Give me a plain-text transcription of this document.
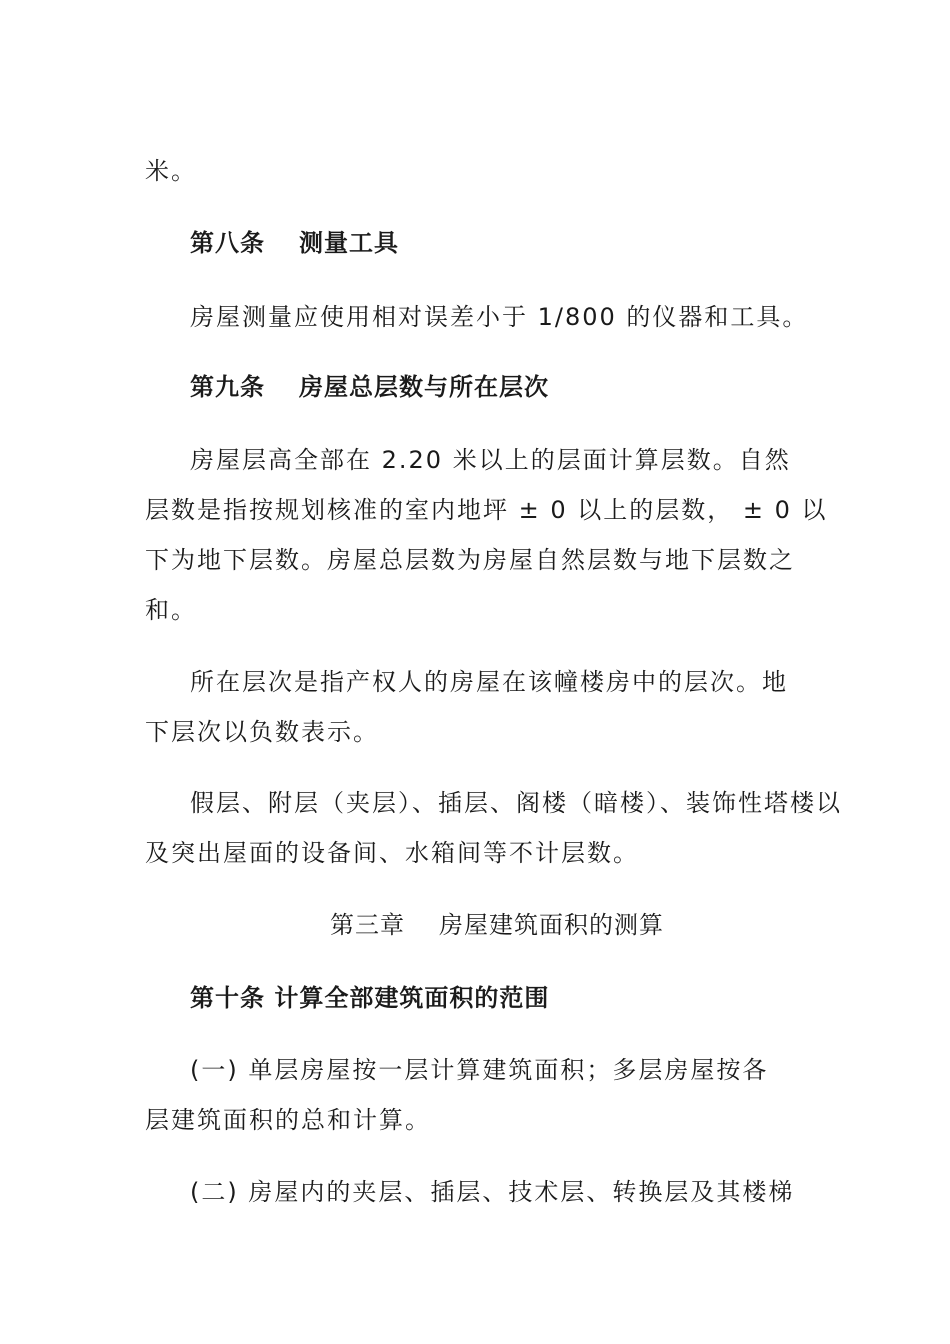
米。
第八条 测量工具
房屋测量应使用相对误差小于 1/800 的仪器和工具。
第九条 房屋总层数与所在层次
房屋层高全部在 2.20 米以上的层面计算层数。自然
层数是指按规划核准的室内地坪 ± 0 以上的层数， ± 0 以
下为地下层数。房屋总层数为房屋自然层数与地下层数之
和。
所在层次是指产权人的房屋在该幢楼房中的层次。地
下层次以负数表示。
假层、附层（夹层）、插层、阁楼（暗楼）、装饰性塔楼以
及突出屋面的设备间、水箱间等不计层数。
第三章 房屋建筑面积的测算
第十条 计算全部建筑面积的范围
(一) 单层房屋按一层计算建筑面积；多层房屋按各
层建筑面积的总和计算。
(二) 房屋内的夹层、插层、技术层、转换层及其楼梯
